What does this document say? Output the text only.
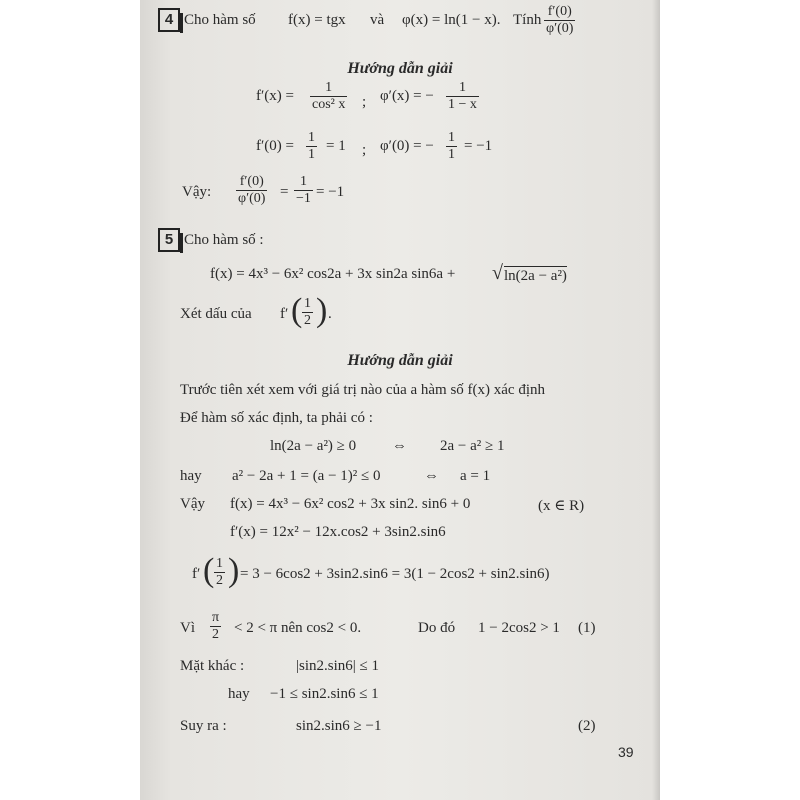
4 Cho hàm số f(x) = tgx và φ(x) = ln(1 − x). Tính $\frac{f'(0)}{\varphi'(0)}$
Hướng dẫn giải
$f'(x) = \frac{1}{\text{cos² x}}$ ; φ′(x) = − $\frac{1}{1 - x}$
$f'(0) = \frac{1}{1} = 1$ ; φ′(0) = − $\frac{1}{1} = -1$
Vậy: $\frac{f'(0)}{\varphi'(0)} = \frac{1}{-1} = -1$
5 Cho hàm số :
f(x) = 4x³ − 6x² cos2a + 3x sin2a sin6a + √ ln(2a − a²)
Xét dấu của f′ ( $\frac{1}{2}$ ) .
Hướng dẫn giải
Trước tiên xét xem với giá trị nào của a hàm số f(x) xác định
Để hàm số xác định, ta phải có :
ln(2a − a²) ≥ 0 ⇔ 2a − a² ≥ 1
hay a² − 2a + 1 = (a − 1)² ≤ 0	⇔ a = 1
Vậy f(x) = 4x³ − 6x² cos2 + 3x sin2. sin6 + 0	(x ∈ R)
f′(x) = 12x² − 12x.cos2 + 3sin2.sin6
f′ ( $\frac{1}{2}$ ) = 3 − 6cos2 + 3sin2.sin6 = 3(1 − 2cos2 + sin2.sin6)
Vì $\frac{\pi}{2} < 2 < \pi$ nên cos2 < 0.	Do đó 1 − 2cos2 > 1 (1)
Mặt khác :	|sin2.sin6| ≤ 1
hay −1 ≤ sin2.sin6 ≤ 1
Suy ra :	sin2.sin6 ≥ −1	(2)
39
